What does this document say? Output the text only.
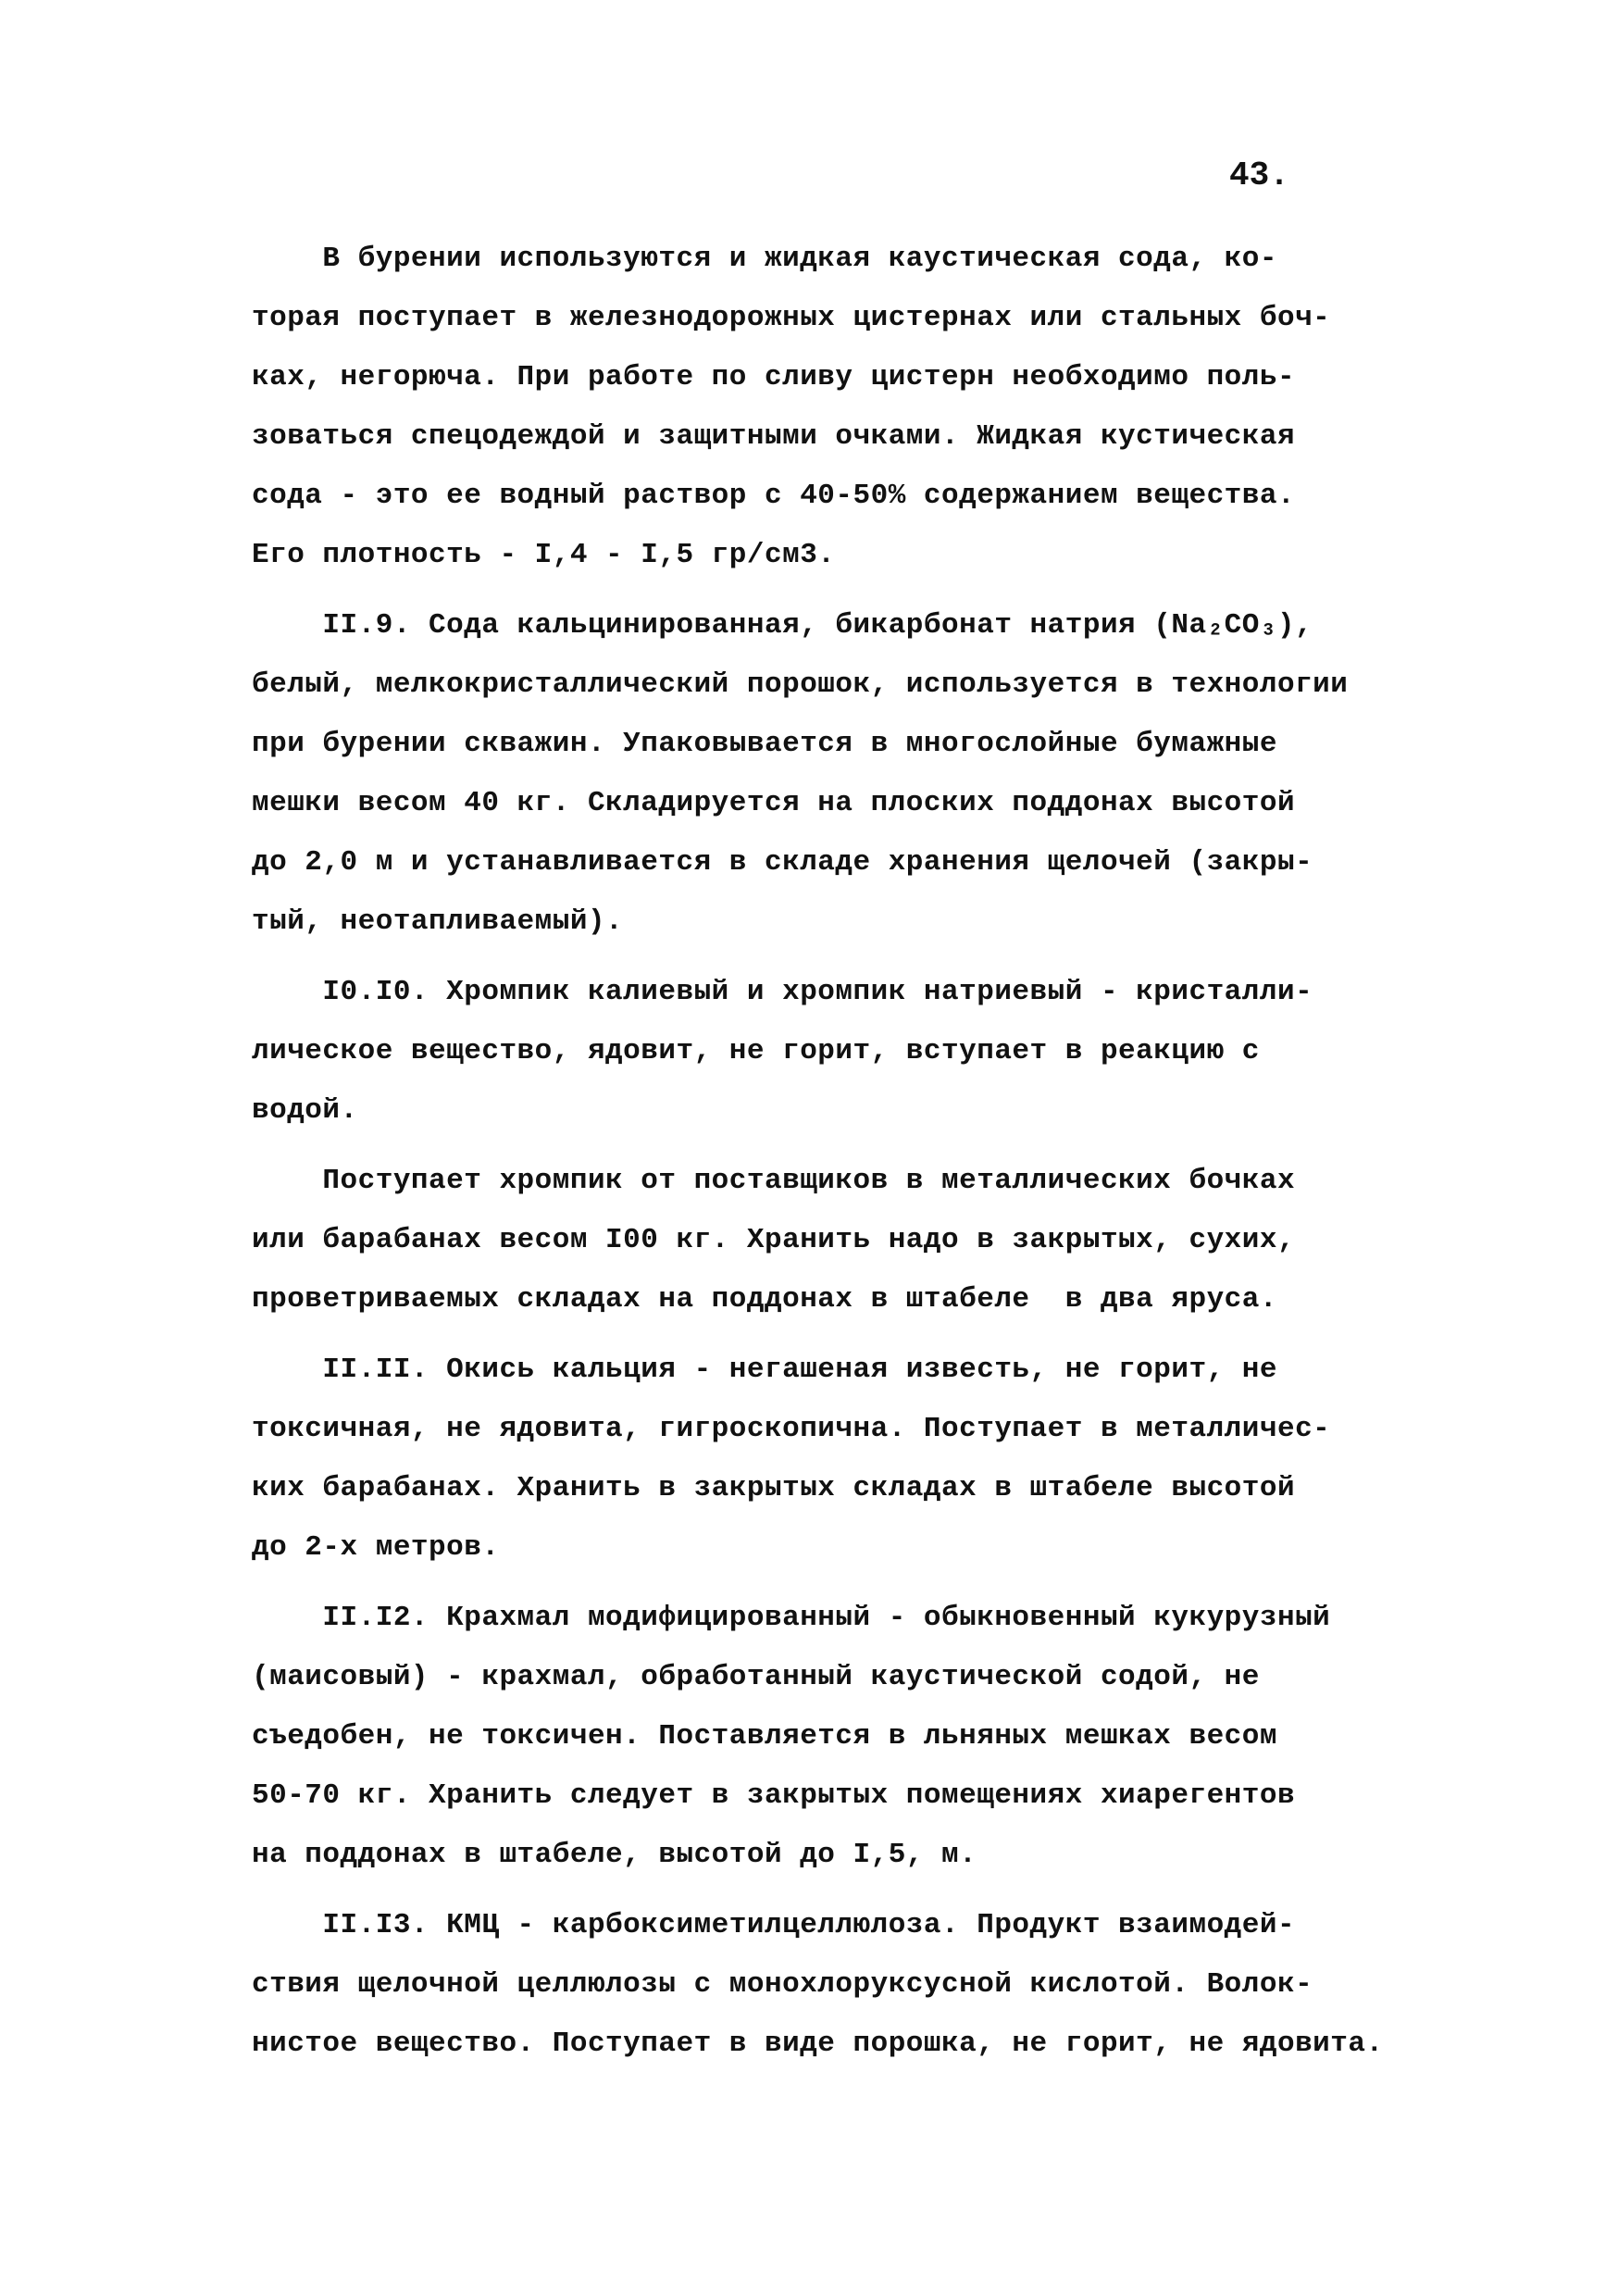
43.
В бурении используются и жидкая каустическая сода, ко-
торая поступает в железнодорожных цистернах или стальных боч-
ках, негорюча. При работе по сливу цистерн необходимо поль-
зоваться спецодеждой и защитными очками. Жидкая кустическая
сода - это ее водный раствор с 40-50% содержанием вещества.
Его плотность - I,4 - I,5 гр/см3.
II.9. Сода кальцинированная, бикарбонат натрия (Na₂CO₃),
белый, мелкокристаллический порошок, используется в технологии
при бурении скважин. Упаковывается в многослойные бумажные
мешки весом 40 кг. Складируется на плоских поддонах высотой
до 2,0 м и устанавливается в складе хранения щелочей (закры-
тый, неотапливаемый).
I0.I0. Хромпик калиевый и хромпик натриевый - кристалли-
лическое вещество, ядовит, не горит, вступает в реакцию с
водой.
Поступает хромпик от поставщиков в металлических бочках
или барабанах весом I00 кг. Хранить надо в закрытых, сухих,
проветриваемых складах на поддонах в штабеле  в два яруса.
II.II. Окись кальция - негашеная известь, не горит, не
токсичная, не ядовита, гигроскопична. Поступает в металличес-
ких барабанах. Хранить в закрытых складах в штабеле высотой
до 2-х метров.
II.I2. Крахмал модифицированный - обыкновенный кукурузный
(маисовый) - крахмал, обработанный каустической содой, не
съедобен, не токсичен. Поставляется в льняных мешках весом
50-70 кг. Хранить следует в закрытых помещениях хиарегентов
на поддонах в штабеле, высотой до I,5, м.
II.I3. КМЦ - карбоксиметилцеллюлоза. Продукт взаимодей-
ствия щелочной целлюлозы с монохлоруксусной кислотой. Волок-
нистое вещество. Поступает в виде порошка, не горит, не ядовита.
